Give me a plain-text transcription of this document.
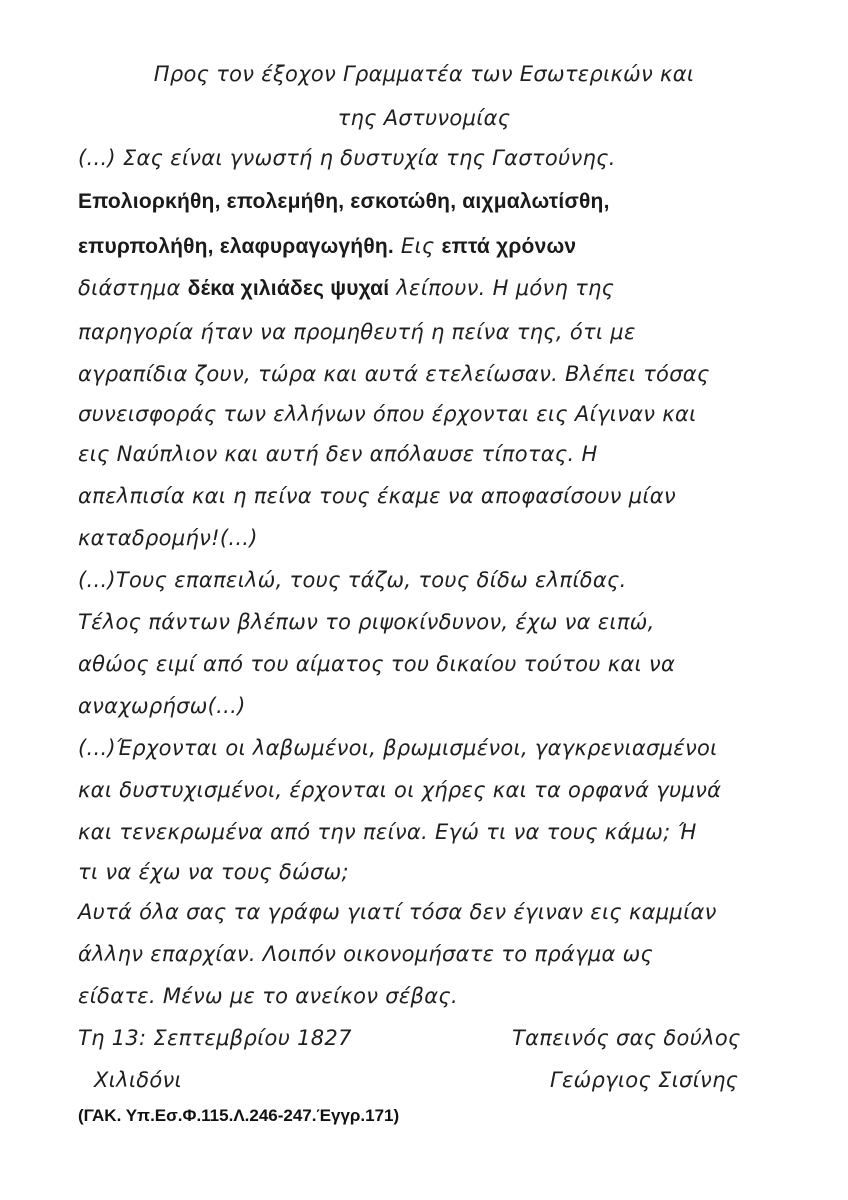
Προς τον έξοχον Γραμματέα των Εσωτερικών και
της Αστυνομίας
(...) Σας είναι γνωστή η δυστυχία της Γαστούνης.
Επολιορκήθη, επολεμήθη, εσκοτώθη, αιχμαλωτίσθη,
επυρπολήθη, ελαφυραγωγήθη. Εις επτά χρόνων
διάστημα δέκα χιλιάδες ψυχαί λείπουν. Η μόνη της
παρηγορία ήταν να προμηθευτή η πείνα της, ότι με
αγραπίδια ζουν, τώρα και αυτά ετελείωσαν. Βλέπει τόσας
συνεισφοράς των ελλήνων όπου έρχονται εις Αίγιναν και
εις Ναύπλιον και αυτή δεν απόλαυσε τίποτας. Η
απελπισία και η πείνα τους έκαμε να αποφασίσουν μίαν
καταδρομήν!(...)
(...)Τους επαπειλώ, τους τάζω, τους δίδω ελπίδας.
Τέλος πάντων βλέπων το ριψοκίνδυνον, έχω να ειπώ,
αθώος ειμί από του αίματος του δικαίου τούτου και να
αναχωρήσω(...)
(...)Έρχονται οι λαβωμένοι, βρωμισμένοι, γαγκρενιασμένοι
και δυστυχισμένοι, έρχονται οι χήρες και τα ορφανά γυμνά
και τενεκρωμένα από την πείνα. Εγώ τι να τους κάμω; Ή
τι να έχω να τους δώσω;
Αυτά όλα σας τα γράφω γιατί τόσα δεν έγιναν εις καμμίαν
άλλην επαρχίαν. Λοιπόν οικονομήσατε το πράγμα ως
είδατε. Μένω με το ανείκον σέβας.
Τη 13: Σεπτεμβρίου 1827	Ταπεινός σας δούλος
Χιλιδόνι	Γεώργιος Σισίνης
(ΓΑΚ. Υπ.Εσ.Φ.115.Λ.246-247.Έγγρ.171)
